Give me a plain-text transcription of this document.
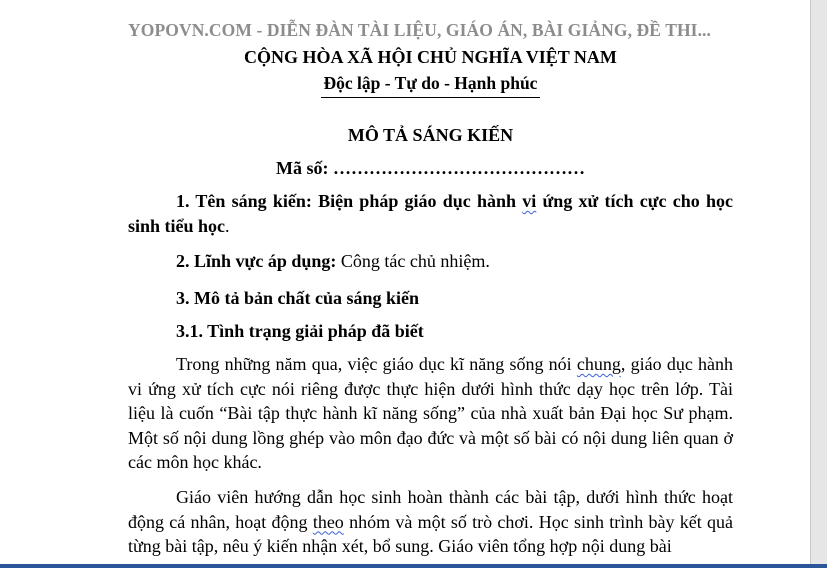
YOPOVN.COM - DIỄN ĐÀN TÀI LIỆU, GIÁO ÁN, BÀI GIẢNG, ĐỀ THI...

CỘNG HÒA XÃ HỘI CHỦ NGHĨA VIỆT NAM
Độc lập - Tự do - Hạnh phúc
MÔ TẢ SÁNG KIẾN
Mã số: ……………………………………

1. Tên sáng kiến: Biện pháp giáo dục hành vi ứng xử tích cực cho học sinh tiểu học.

2. Lĩnh vực áp dụng: Công tác chủ nhiệm.

3. Mô tả bản chất của sáng kiến

3.1. Tình trạng giải pháp đã biết

Trong những năm qua, việc giáo dục kĩ năng sống nói chung, giáo dục hành vi ứng xử tích cực nói riêng được thực hiện dưới hình thức dạy học trên lớp. Tài liệu là cuốn “Bài tập thực hành kĩ năng sống” của nhà xuất bản Đại học Sư phạm. Một số nội dung lồng ghép vào môn đạo đức và một số bài có nội dung liên quan ở các môn học khác.

Giáo viên hướng dẫn học sinh hoàn thành các bài tập, dưới hình thức hoạt động cá nhân, hoạt động theo nhóm và một số trò chơi. Học sinh trình bày kết quả từng bài tập, nêu ý kiến nhận xét, bổ sung. Giáo viên tổng hợp nội dung bài
